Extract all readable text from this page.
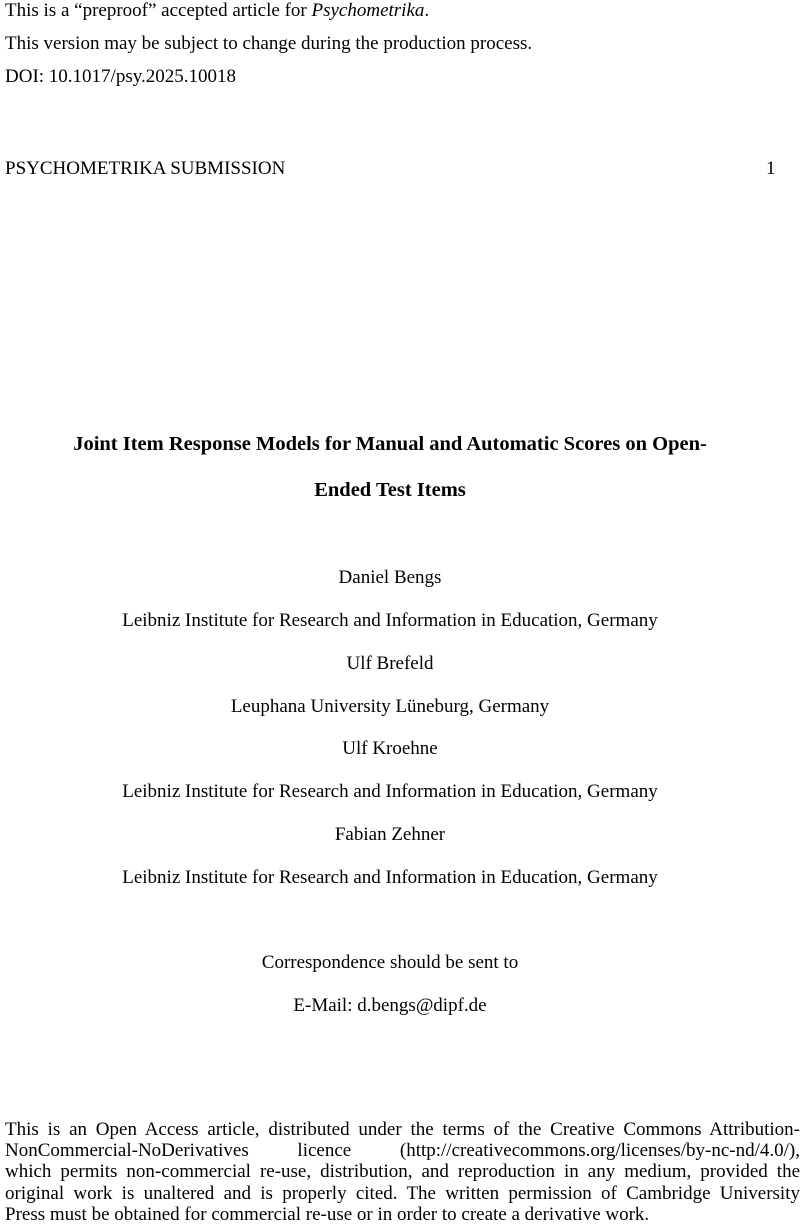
This is a “preproof” accepted article for Psychometrika.
This version may be subject to change during the production process.
DOI: 10.1017/psy.2025.10018
PSYCHOMETRIKA SUBMISSION	1
Joint Item Response Models for Manual and Automatic Scores on Open-
Ended Test Items
Daniel Bengs
Leibniz Institute for Research and Information in Education, Germany
Ulf Brefeld
Leuphana University Lüneburg, Germany
Ulf Kroehne
Leibniz Institute for Research and Information in Education, Germany
Fabian Zehner
Leibniz Institute for Research and Information in Education, Germany
Correspondence should be sent to
E-Mail: d.bengs@dipf.de
This is an Open Access article, distributed under the terms of the Creative Commons Attribution-
NonCommercial-NoDerivatives licence (http://creativecommons.org/licenses/by-nc-nd/4.0/),
which permits non-commercial re-use, distribution, and reproduction in any medium, provided the
original work is unaltered and is properly cited. The written permission of Cambridge University
Press must be obtained for commercial re-use or in order to create a derivative work.
